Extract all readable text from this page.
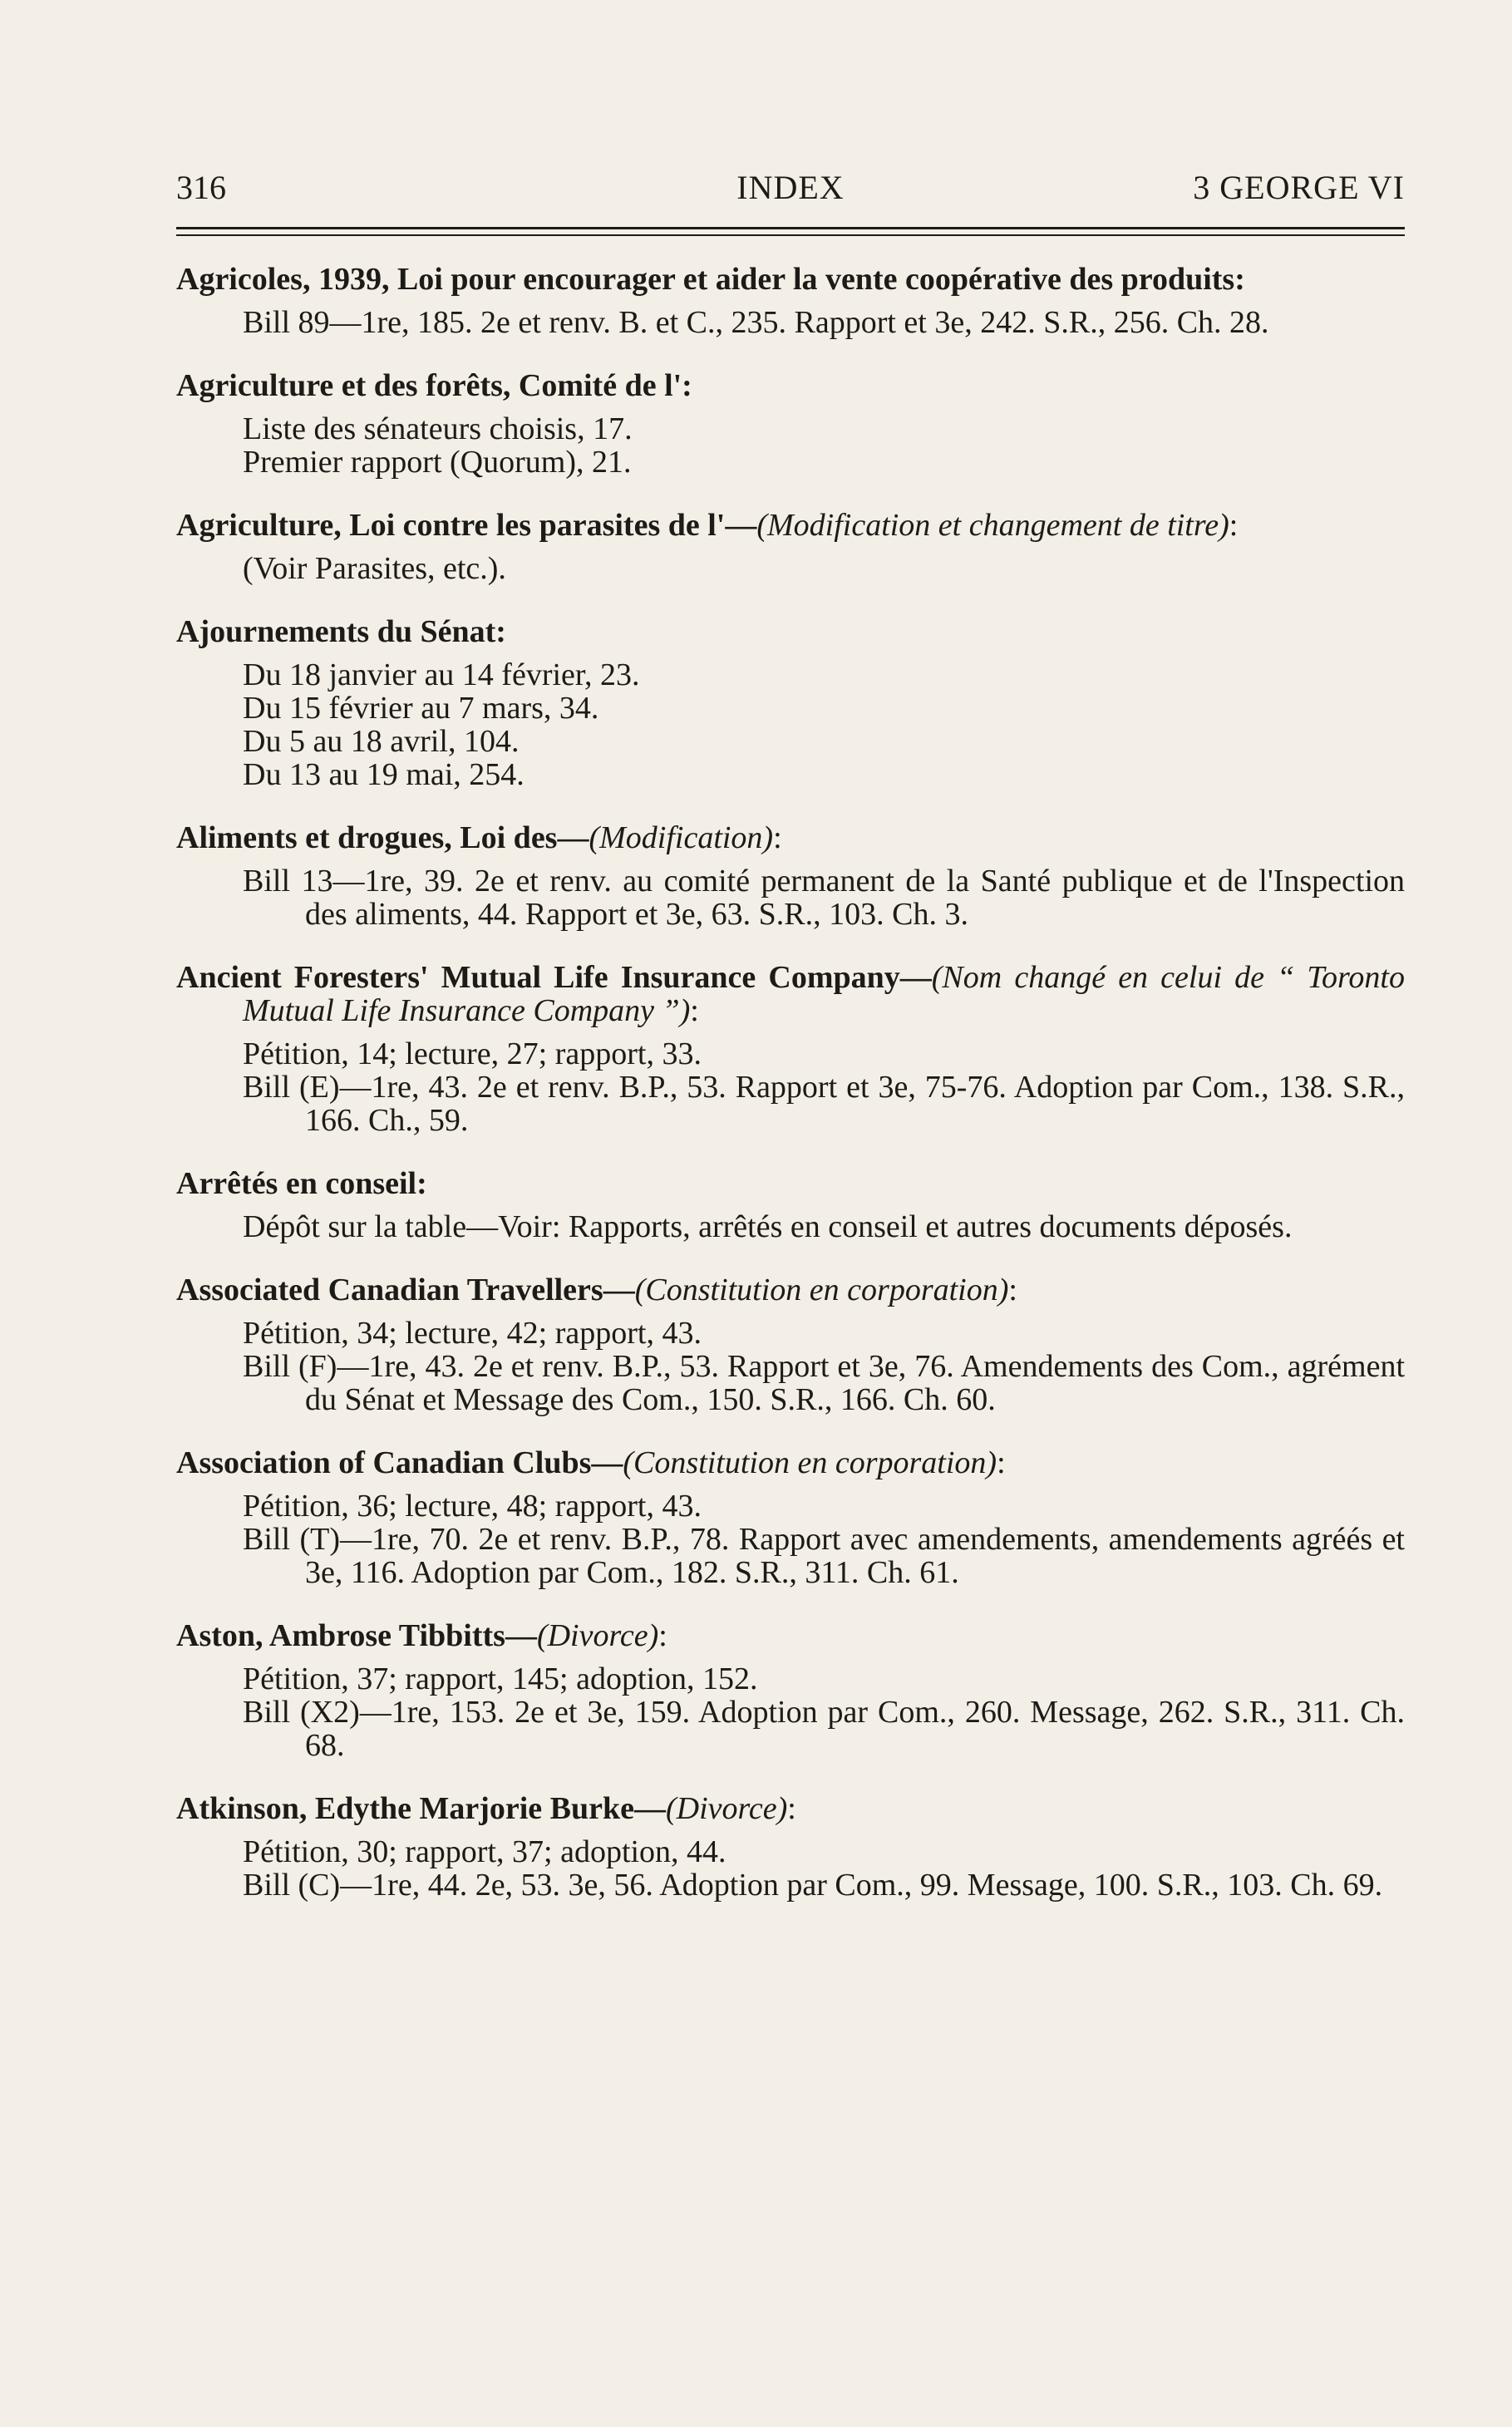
316	INDEX	3 GEORGE VI
Agricoles, 1939, Loi pour encourager et aider la vente coopérative des produits:
Bill 89—1re, 185. 2e et renv. B. et C., 235. Rapport et 3e, 242. S.R., 256. Ch. 28.
Agriculture et des forêts, Comité de l':
Liste des sénateurs choisis, 17.
Premier rapport (Quorum), 21.
Agriculture, Loi contre les parasites de l'—(Modification et changement de titre):
(Voir Parasites, etc.).
Ajournements du Sénat:
Du 18 janvier au 14 février, 23.
Du 15 février au 7 mars, 34.
Du 5 au 18 avril, 104.
Du 13 au 19 mai, 254.
Aliments et drogues, Loi des—(Modification):
Bill 13—1re, 39. 2e et renv. au comité permanent de la Santé publique et de l'Inspection des aliments, 44. Rapport et 3e, 63. S.R., 103. Ch. 3.
Ancient Foresters' Mutual Life Insurance Company—(Nom changé en celui de “ Toronto Mutual Life Insurance Company ”):
Pétition, 14; lecture, 27; rapport, 33.
Bill (E)—1re, 43. 2e et renv. B.P., 53. Rapport et 3e, 75-76. Adoption par Com., 138. S.R., 166. Ch., 59.
Arrêtés en conseil:
Dépôt sur la table—Voir: Rapports, arrêtés en conseil et autres documents déposés.
Associated Canadian Travellers—(Constitution en corporation):
Pétition, 34; lecture, 42; rapport, 43.
Bill (F)—1re, 43. 2e et renv. B.P., 53. Rapport et 3e, 76. Amendements des Com., agrément du Sénat et Message des Com., 150. S.R., 166. Ch. 60.
Association of Canadian Clubs—(Constitution en corporation):
Pétition, 36; lecture, 48; rapport, 43.
Bill (T)—1re, 70. 2e et renv. B.P., 78. Rapport avec amendements, amendements agréés et 3e, 116. Adoption par Com., 182. S.R., 311. Ch. 61.
Aston, Ambrose Tibbitts—(Divorce):
Pétition, 37; rapport, 145; adoption, 152.
Bill (X2)—1re, 153. 2e et 3e, 159. Adoption par Com., 260. Message, 262. S.R., 311. Ch. 68.
Atkinson, Edythe Marjorie Burke—(Divorce):
Pétition, 30; rapport, 37; adoption, 44.
Bill (C)—1re, 44. 2e, 53. 3e, 56. Adoption par Com., 99. Message, 100. S.R., 103. Ch. 69.
